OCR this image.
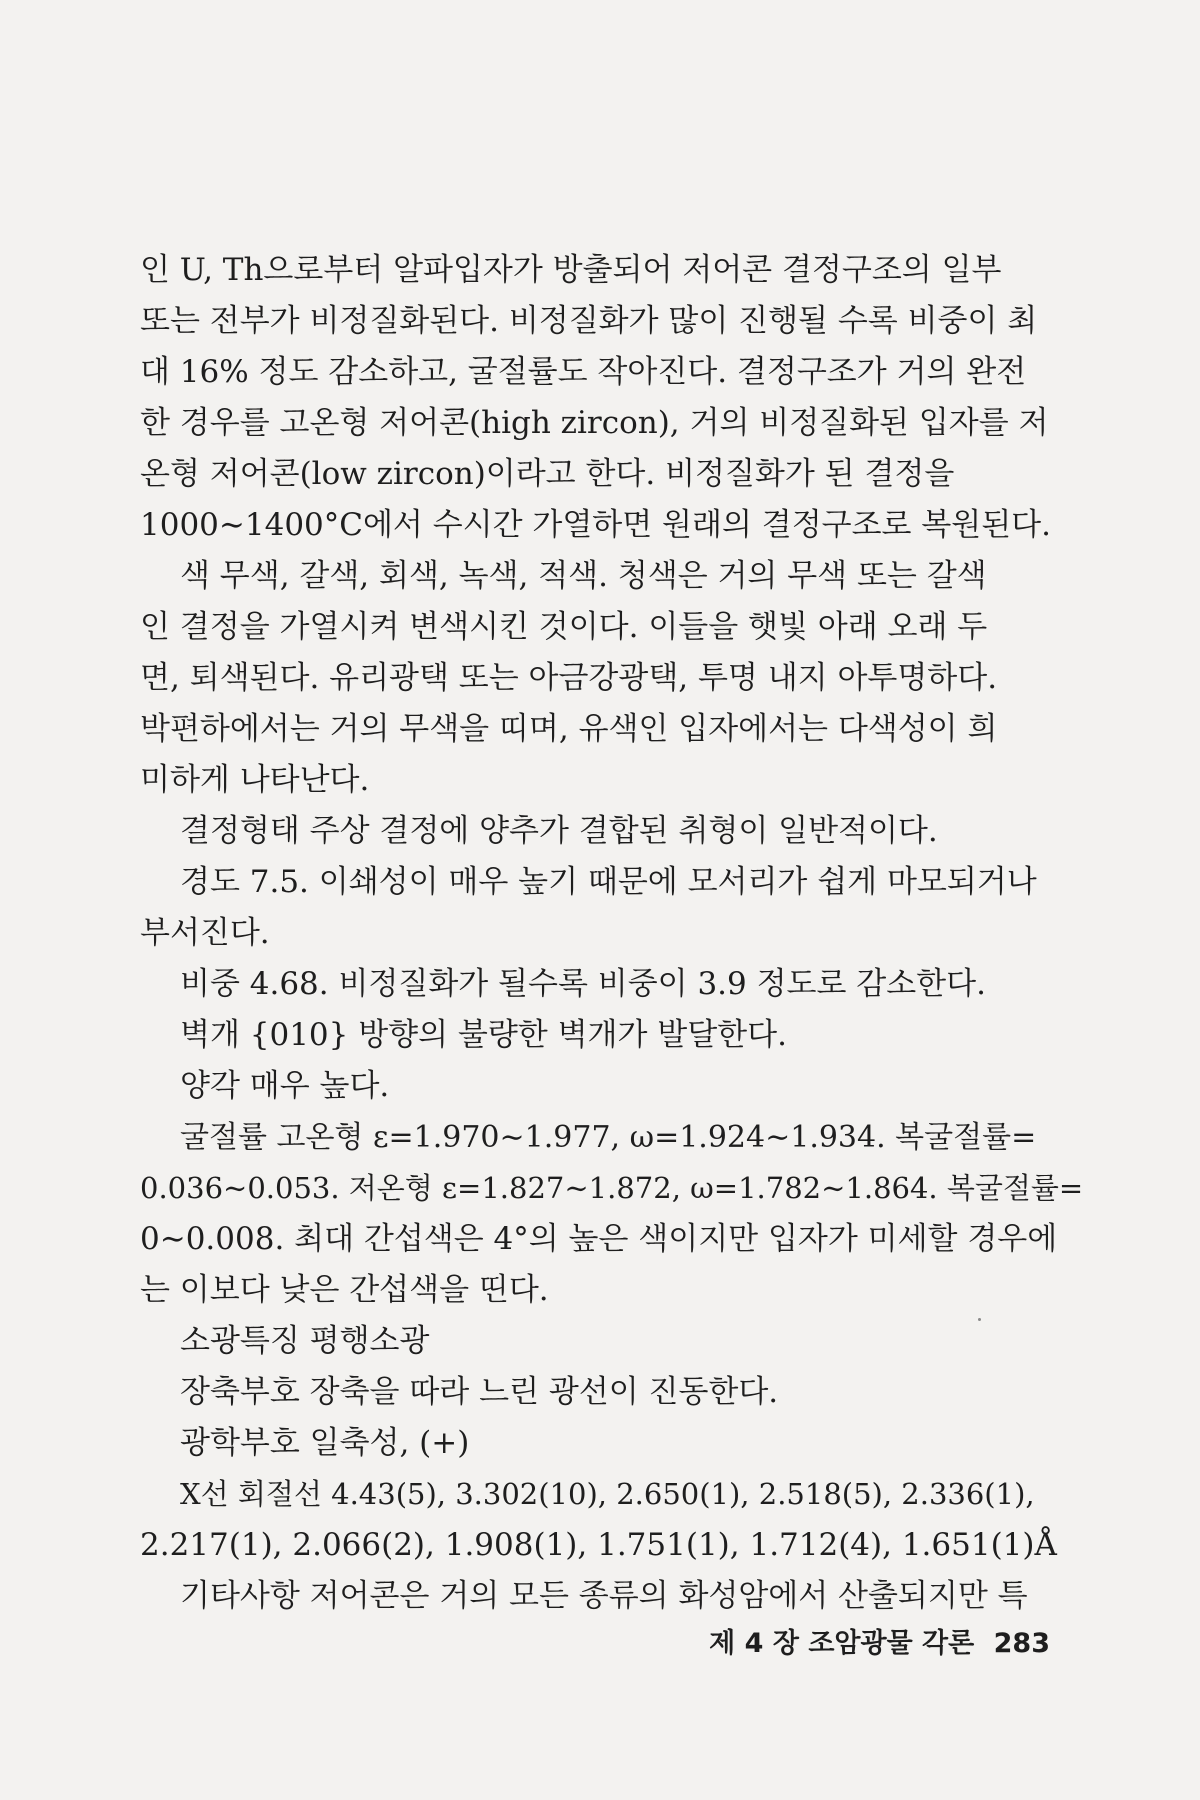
인 U, Th으로부터 알파입자가 방출되어 저어콘 결정구조의 일부
또는 전부가 비정질화된다. 비정질화가 많이 진행될 수록 비중이 최
대 16% 정도 감소하고, 굴절률도 작아진다. 결정구조가 거의 완전
한 경우를 고온형 저어콘(high zircon), 거의 비정질화된 입자를 저
온형 저어콘(low zircon)이라고 한다. 비정질화가 된 결정을
1000∼1400°C에서 수시간 가열하면 원래의 결정구조로 복원된다.
색 무색, 갈색, 회색, 녹색, 적색. 청색은 거의 무색 또는 갈색
인 결정을 가열시켜 변색시킨 것이다. 이들을 햇빛 아래 오래 두
면, 퇴색된다. 유리광택 또는 아금강광택, 투명 내지 아투명하다.
박편하에서는 거의 무색을 띠며, 유색인 입자에서는 다색성이 희
미하게 나타난다.
결정형태 주상 결정에 양추가 결합된 취형이 일반적이다.
경도 7.5. 이쇄성이 매우 높기 때문에 모서리가 쉽게 마모되거나
부서진다.
비중 4.68. 비정질화가 될수록 비중이 3.9 정도로 감소한다.
벽개 {010} 방향의 불량한 벽개가 발달한다.
양각 매우 높다.
굴절률 고온형 ε=1.970∼1.977, ω=1.924∼1.934. 복굴절률=
0.036∼0.053. 저온형 ε=1.827∼1.872, ω=1.782∼1.864. 복굴절률=
0∼0.008. 최대 간섭색은 4°의 높은 색이지만 입자가 미세할 경우에
는 이보다 낮은 간섭색을 띤다.
소광특징 평행소광
장축부호 장축을 따라 느린 광선이 진동한다.
광학부호 일축성, (+)
X선 회절선 4.43(5), 3.302(10), 2.650(1), 2.518(5), 2.336(1),
2.217(1), 2.066(2), 1.908(1), 1.751(1), 1.712(4), 1.651(1)Å
기타사항 저어콘은 거의 모든 종류의 화성암에서 산출되지만 특
제 4 장 조암광물 각론 283
